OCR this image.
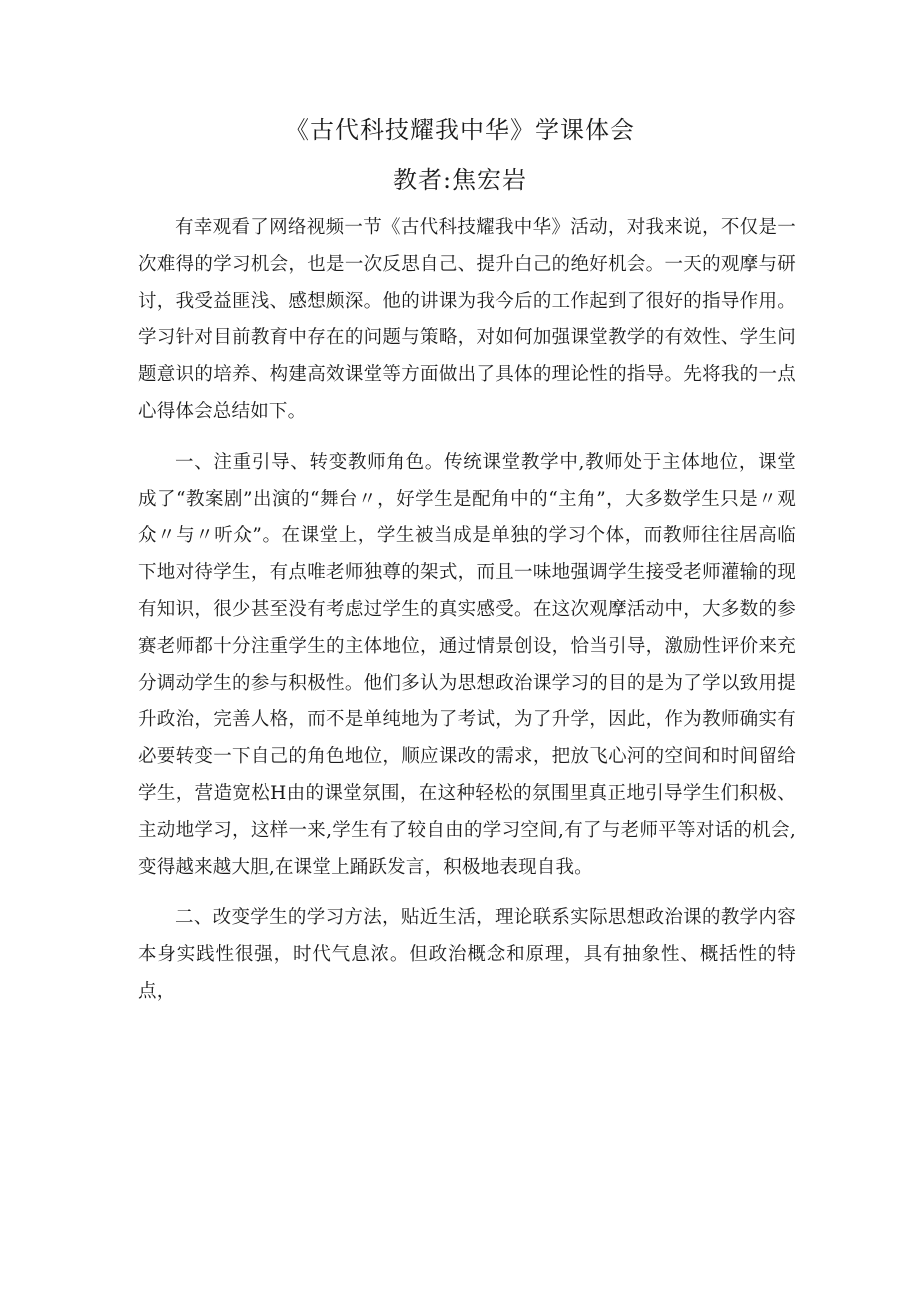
《古代科技耀我中华》学课体会
教者:焦宏岩

有幸观看了网络视频一节《古代科技耀我中华》活动，对我来说，不仅是一次难得的学习机会，也是一次反思自己、提升白己的绝好机会。一天的观摩与研讨，我受益匪浅、感想颇深。他的讲课为我今后的工作起到了很好的指导作用。学习针对目前教育中存在的问题与策略，对如何加强课堂教学的有效性、学生问题意识的培养、构建高效课堂等方面做出了具体的理论性的指导。先将我的一点心得体会总结如下。

一、注重引导、转变教师角色。传统课堂教学中,教师处于主体地位，课堂成了“教案剧”出演的“舞台〃，好学生是配角中的“主角”，大多数学生只是〃观众〃与〃听众”。在课堂上，学生被当成是单独的学习个体，而教师往往居高临下地对待学生，有点唯老师独尊的架式，而且一味地强调学生接受老师灌输的现有知识，很少甚至没有考虑过学生的真实感受。在这次观摩活动中，大多数的参赛老师都十分注重学生的主体地位，通过情景创设，恰当引导，激励性评价来充分调动学生的参与积极性。他们多认为思想政治课学习的目的是为了学以致用提升政治，完善人格，而不是单纯地为了考试，为了升学，因此，作为教师确实有必要转变一下自己的角色地位，顺应课改的需求，把放飞心河的空间和时间留给学生，营造宽松H由的课堂氛围，在这种轻松的氛围里真正地引导学生们积极、主动地学习，这样一来,学生有了较自由的学习空间,有了与老师平等对话的机会,变得越来越大胆,在课堂上踊跃发言，积极地表现自我。

二、改变学生的学习方法，贴近生活，理论联系实际思想政治课的教学内容本身实践性很强，时代气息浓。但政治概念和原理，具有抽象性、概括性的特点，
